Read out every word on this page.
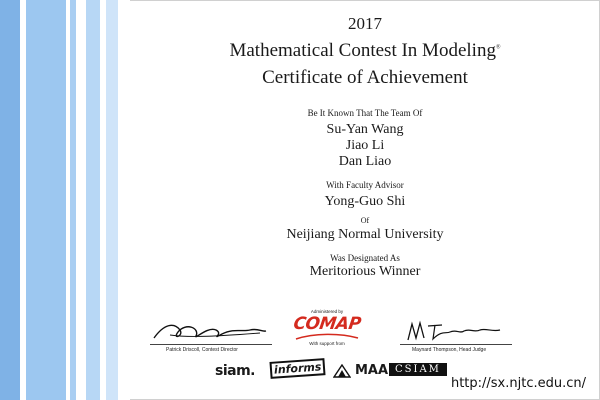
2017
Mathematical Contest In Modeling®
Certificate of Achievement
Be It Known That The Team Of
Su-Yan Wang
Jiao Li
Dan Liao
With Faculty Advisor
Yong-Guo Shi
Of
Neijiang Normal University
Was Designated As
Meritorious Winner
Patrick Driscoll, Contest Director	Maynard Thompson, Head Judge
Administered by
COMAP
With support from
siam.	informs	MAA CSIAM
http://sx.njtc.edu.cn/
